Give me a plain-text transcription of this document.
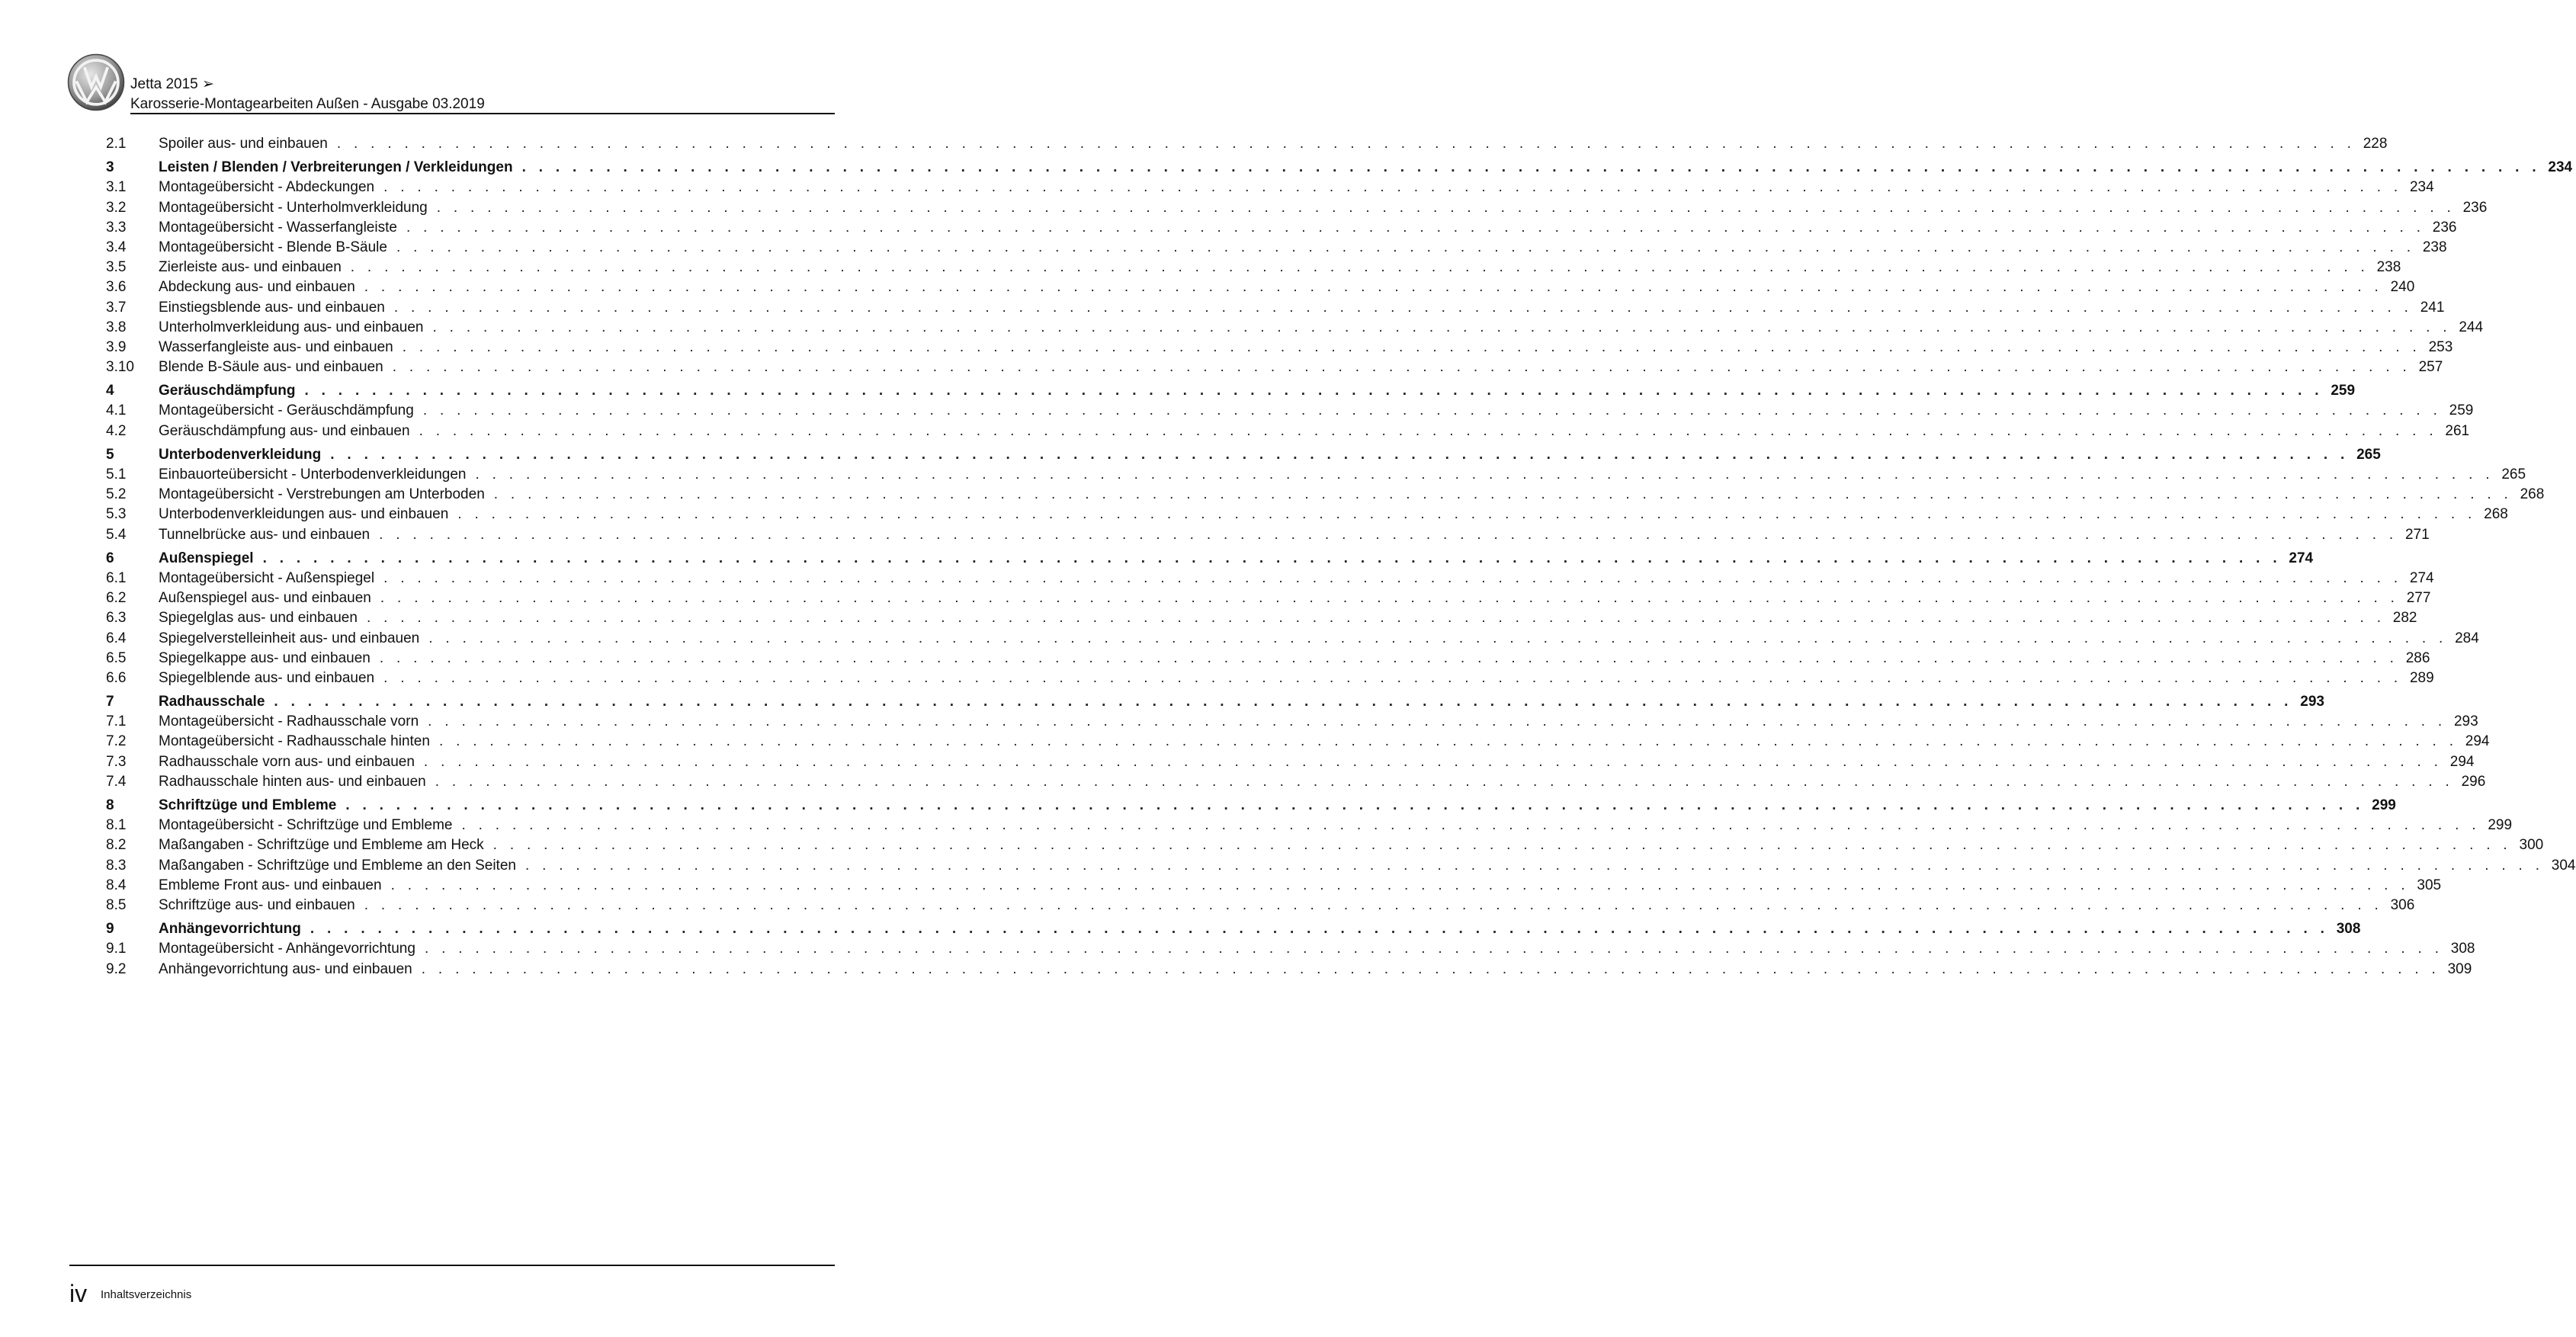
Jetta 2015 ➢
Karosserie-Montagearbeiten Außen - Ausgabe 03.2019
2.1	Spoiler aus- und einbauen . . . . . . . . . . . . . . . . . . . . . . . . . . . . . . . . . . . . . . . . . . . . . . . . . . . . . . . . . . . . . . . . . . . . . . . . . . . . . . . . . . . . . . . . . . . . . . . . . . . . . . . . . . . . . . . . . . . . . . . . 228
3	Leisten / Blenden / Verbreiterungen / Verkleidungen . . . . . . . . . . . . . . . . . . . . . . . . . . . . . . . . . . . . . . . . . . . . . . . . . . . . . . . . . . . . . . . . . . . . . . . . . . . . . . . . . . . . . . . . . . . . . . . . . . . . . . . . . . . . . . . . . . . . . . . . 234
3.1	Montageübersicht - Abdeckungen . . . . . . . . . . . . . . . . . . . . . . . . . . . . . . . . . . . . . . . . . . . . . . . . . . . . . . . . . . . . . . . . . . . . . . . . . . . . . . . . . . . . . . . . . . . . . . . . . . . . . . . . . . . . . . . . . . . . . . . . 234
3.2	Montageübersicht - Unterholmverkleidung . . . . . . . . . . . . . . . . . . . . . . . . . . . . . . . . . . . . . . . . . . . . . . . . . . . . . . . . . . . . . . . . . . . . . . . . . . . . . . . . . . . . . . . . . . . . . . . . . . . . . . . . . . . . . . . . . . . . . . . . 236
3.3	Montageübersicht - Wasserfangleiste . . . . . . . . . . . . . . . . . . . . . . . . . . . . . . . . . . . . . . . . . . . . . . . . . . . . . . . . . . . . . . . . . . . . . . . . . . . . . . . . . . . . . . . . . . . . . . . . . . . . . . . . . . . . . . . . . . . . . . . . 236
3.4	Montageübersicht - Blende B-Säule . . . . . . . . . . . . . . . . . . . . . . . . . . . . . . . . . . . . . . . . . . . . . . . . . . . . . . . . . . . . . . . . . . . . . . . . . . . . . . . . . . . . . . . . . . . . . . . . . . . . . . . . . . . . . . . . . . . . . . . . 238
3.5	Zierleiste aus- und einbauen . . . . . . . . . . . . . . . . . . . . . . . . . . . . . . . . . . . . . . . . . . . . . . . . . . . . . . . . . . . . . . . . . . . . . . . . . . . . . . . . . . . . . . . . . . . . . . . . . . . . . . . . . . . . . . . . . . . . . . . . 238
3.6	Abdeckung aus- und einbauen . . . . . . . . . . . . . . . . . . . . . . . . . . . . . . . . . . . . . . . . . . . . . . . . . . . . . . . . . . . . . . . . . . . . . . . . . . . . . . . . . . . . . . . . . . . . . . . . . . . . . . . . . . . . . . . . . . . . . . . . 240
3.7	Einstiegsblende aus- und einbauen . . . . . . . . . . . . . . . . . . . . . . . . . . . . . . . . . . . . . . . . . . . . . . . . . . . . . . . . . . . . . . . . . . . . . . . . . . . . . . . . . . . . . . . . . . . . . . . . . . . . . . . . . . . . . . . . . . . . . . . . 241
3.8	Unterholmverkleidung aus- und einbauen . . . . . . . . . . . . . . . . . . . . . . . . . . . . . . . . . . . . . . . . . . . . . . . . . . . . . . . . . . . . . . . . . . . . . . . . . . . . . . . . . . . . . . . . . . . . . . . . . . . . . . . . . . . . . . . . . . . . . . . . 244
3.9	Wasserfangleiste aus- und einbauen . . . . . . . . . . . . . . . . . . . . . . . . . . . . . . . . . . . . . . . . . . . . . . . . . . . . . . . . . . . . . . . . . . . . . . . . . . . . . . . . . . . . . . . . . . . . . . . . . . . . . . . . . . . . . . . . . . . . . . . . 253
3.10	Blende B-Säule aus- und einbauen . . . . . . . . . . . . . . . . . . . . . . . . . . . . . . . . . . . . . . . . . . . . . . . . . . . . . . . . . . . . . . . . . . . . . . . . . . . . . . . . . . . . . . . . . . . . . . . . . . . . . . . . . . . . . . . . . . . . . . . . 257
4	Geräuschdämpfung . . . . . . . . . . . . . . . . . . . . . . . . . . . . . . . . . . . . . . . . . . . . . . . . . . . . . . . . . . . . . . . . . . . . . . . . . . . . . . . . . . . . . . . . . . . . . . . . . . . . . . . . . . . . . . . . . . . . . . . . 259
4.1	Montageübersicht - Geräuschdämpfung . . . . . . . . . . . . . . . . . . . . . . . . . . . . . . . . . . . . . . . . . . . . . . . . . . . . . . . . . . . . . . . . . . . . . . . . . . . . . . . . . . . . . . . . . . . . . . . . . . . . . . . . . . . . . . . . . . . . . . . . 259
4.2	Geräuschdämpfung aus- und einbauen . . . . . . . . . . . . . . . . . . . . . . . . . . . . . . . . . . . . . . . . . . . . . . . . . . . . . . . . . . . . . . . . . . . . . . . . . . . . . . . . . . . . . . . . . . . . . . . . . . . . . . . . . . . . . . . . . . . . . . . . 261
5	Unterbodenverkleidung . . . . . . . . . . . . . . . . . . . . . . . . . . . . . . . . . . . . . . . . . . . . . . . . . . . . . . . . . . . . . . . . . . . . . . . . . . . . . . . . . . . . . . . . . . . . . . . . . . . . . . . . . . . . . . . . . . . . . . . . 265
5.1	Einbauorteübersicht - Unterbodenverkleidungen . . . . . . . . . . . . . . . . . . . . . . . . . . . . . . . . . . . . . . . . . . . . . . . . . . . . . . . . . . . . . . . . . . . . . . . . . . . . . . . . . . . . . . . . . . . . . . . . . . . . . . . . . . . . . . . . . . . . . . . . 265
5.2	Montageübersicht - Verstrebungen am Unterboden . . . . . . . . . . . . . . . . . . . . . . . . . . . . . . . . . . . . . . . . . . . . . . . . . . . . . . . . . . . . . . . . . . . . . . . . . . . . . . . . . . . . . . . . . . . . . . . . . . . . . . . . . . . . . . . . . . . . . . . . 268
5.3	Unterbodenverkleidungen aus- und einbauen . . . . . . . . . . . . . . . . . . . . . . . . . . . . . . . . . . . . . . . . . . . . . . . . . . . . . . . . . . . . . . . . . . . . . . . . . . . . . . . . . . . . . . . . . . . . . . . . . . . . . . . . . . . . . . . . . . . . . . . . 268
5.4	Tunnelbrücke aus- und einbauen . . . . . . . . . . . . . . . . . . . . . . . . . . . . . . . . . . . . . . . . . . . . . . . . . . . . . . . . . . . . . . . . . . . . . . . . . . . . . . . . . . . . . . . . . . . . . . . . . . . . . . . . . . . . . . . . . . . . . . . . 271
6	Außenspiegel . . . . . . . . . . . . . . . . . . . . . . . . . . . . . . . . . . . . . . . . . . . . . . . . . . . . . . . . . . . . . . . . . . . . . . . . . . . . . . . . . . . . . . . . . . . . . . . . . . . . . . . . . . . . . . . . . . . . . . . . 274
6.1	Montageübersicht - Außenspiegel . . . . . . . . . . . . . . . . . . . . . . . . . . . . . . . . . . . . . . . . . . . . . . . . . . . . . . . . . . . . . . . . . . . . . . . . . . . . . . . . . . . . . . . . . . . . . . . . . . . . . . . . . . . . . . . . . . . . . . . . 274
6.2	Außenspiegel aus- und einbauen . . . . . . . . . . . . . . . . . . . . . . . . . . . . . . . . . . . . . . . . . . . . . . . . . . . . . . . . . . . . . . . . . . . . . . . . . . . . . . . . . . . . . . . . . . . . . . . . . . . . . . . . . . . . . . . . . . . . . . . . 277
6.3	Spiegelglas aus- und einbauen . . . . . . . . . . . . . . . . . . . . . . . . . . . . . . . . . . . . . . . . . . . . . . . . . . . . . . . . . . . . . . . . . . . . . . . . . . . . . . . . . . . . . . . . . . . . . . . . . . . . . . . . . . . . . . . . . . . . . . . . 282
6.4	Spiegelverstelleinheit aus- und einbauen . . . . . . . . . . . . . . . . . . . . . . . . . . . . . . . . . . . . . . . . . . . . . . . . . . . . . . . . . . . . . . . . . . . . . . . . . . . . . . . . . . . . . . . . . . . . . . . . . . . . . . . . . . . . . . . . . . . . . . . . 284
6.5	Spiegelkappe aus- und einbauen . . . . . . . . . . . . . . . . . . . . . . . . . . . . . . . . . . . . . . . . . . . . . . . . . . . . . . . . . . . . . . . . . . . . . . . . . . . . . . . . . . . . . . . . . . . . . . . . . . . . . . . . . . . . . . . . . . . . . . . . 286
6.6	Spiegelblende aus- und einbauen . . . . . . . . . . . . . . . . . . . . . . . . . . . . . . . . . . . . . . . . . . . . . . . . . . . . . . . . . . . . . . . . . . . . . . . . . . . . . . . . . . . . . . . . . . . . . . . . . . . . . . . . . . . . . . . . . . . . . . . . 289
7	Radhausschale . . . . . . . . . . . . . . . . . . . . . . . . . . . . . . . . . . . . . . . . . . . . . . . . . . . . . . . . . . . . . . . . . . . . . . . . . . . . . . . . . . . . . . . . . . . . . . . . . . . . . . . . . . . . . . . . . . . . . . . . 293
7.1	Montageübersicht - Radhausschale vorn . . . . . . . . . . . . . . . . . . . . . . . . . . . . . . . . . . . . . . . . . . . . . . . . . . . . . . . . . . . . . . . . . . . . . . . . . . . . . . . . . . . . . . . . . . . . . . . . . . . . . . . . . . . . . . . . . . . . . . . . 293
7.2	Montageübersicht - Radhausschale hinten . . . . . . . . . . . . . . . . . . . . . . . . . . . . . . . . . . . . . . . . . . . . . . . . . . . . . . . . . . . . . . . . . . . . . . . . . . . . . . . . . . . . . . . . . . . . . . . . . . . . . . . . . . . . . . . . . . . . . . . . 294
7.3	Radhausschale vorn aus- und einbauen . . . . . . . . . . . . . . . . . . . . . . . . . . . . . . . . . . . . . . . . . . . . . . . . . . . . . . . . . . . . . . . . . . . . . . . . . . . . . . . . . . . . . . . . . . . . . . . . . . . . . . . . . . . . . . . . . . . . . . . . 294
7.4	Radhausschale hinten aus- und einbauen . . . . . . . . . . . . . . . . . . . . . . . . . . . . . . . . . . . . . . . . . . . . . . . . . . . . . . . . . . . . . . . . . . . . . . . . . . . . . . . . . . . . . . . . . . . . . . . . . . . . . . . . . . . . . . . . . . . . . . . . 296
8	Schriftzüge und Embleme . . . . . . . . . . . . . . . . . . . . . . . . . . . . . . . . . . . . . . . . . . . . . . . . . . . . . . . . . . . . . . . . . . . . . . . . . . . . . . . . . . . . . . . . . . . . . . . . . . . . . . . . . . . . . . . . . . . . . . . . 299
8.1	Montageübersicht - Schriftzüge und Embleme . . . . . . . . . . . . . . . . . . . . . . . . . . . . . . . . . . . . . . . . . . . . . . . . . . . . . . . . . . . . . . . . . . . . . . . . . . . . . . . . . . . . . . . . . . . . . . . . . . . . . . . . . . . . . . . . . . . . . . . . 299
8.2	Maßangaben - Schriftzüge und Embleme am Heck . . . . . . . . . . . . . . . . . . . . . . . . . . . . . . . . . . . . . . . . . . . . . . . . . . . . . . . . . . . . . . . . . . . . . . . . . . . . . . . . . . . . . . . . . . . . . . . . . . . . . . . . . . . . . . . . . . . . . . . . 300
8.3	Maßangaben - Schriftzüge und Embleme an den Seiten . . . . . . . . . . . . . . . . . . . . . . . . . . . . . . . . . . . . . . . . . . . . . . . . . . . . . . . . . . . . . . . . . . . . . . . . . . . . . . . . . . . . . . . . . . . . . . . . . . . . . . . . . . . . . . . . . . . . . . . . 304
8.4	Embleme Front aus- und einbauen . . . . . . . . . . . . . . . . . . . . . . . . . . . . . . . . . . . . . . . . . . . . . . . . . . . . . . . . . . . . . . . . . . . . . . . . . . . . . . . . . . . . . . . . . . . . . . . . . . . . . . . . . . . . . . . . . . . . . . . . 305
8.5	Schriftzüge aus- und einbauen . . . . . . . . . . . . . . . . . . . . . . . . . . . . . . . . . . . . . . . . . . . . . . . . . . . . . . . . . . . . . . . . . . . . . . . . . . . . . . . . . . . . . . . . . . . . . . . . . . . . . . . . . . . . . . . . . . . . . . . . 306
9	Anhängevorrichtung . . . . . . . . . . . . . . . . . . . . . . . . . . . . . . . . . . . . . . . . . . . . . . . . . . . . . . . . . . . . . . . . . . . . . . . . . . . . . . . . . . . . . . . . . . . . . . . . . . . . . . . . . . . . . . . . . . . . . . . . 308
9.1	Montageübersicht - Anhängevorrichtung . . . . . . . . . . . . . . . . . . . . . . . . . . . . . . . . . . . . . . . . . . . . . . . . . . . . . . . . . . . . . . . . . . . . . . . . . . . . . . . . . . . . . . . . . . . . . . . . . . . . . . . . . . . . . . . . . . . . . . . . 308
9.2	Anhängevorrichtung aus- und einbauen . . . . . . . . . . . . . . . . . . . . . . . . . . . . . . . . . . . . . . . . . . . . . . . . . . . . . . . . . . . . . . . . . . . . . . . . . . . . . . . . . . . . . . . . . . . . . . . . . . . . . . . . . . . . . . . . . . . . . . . . 309
iv Inhaltsverzeichnis
